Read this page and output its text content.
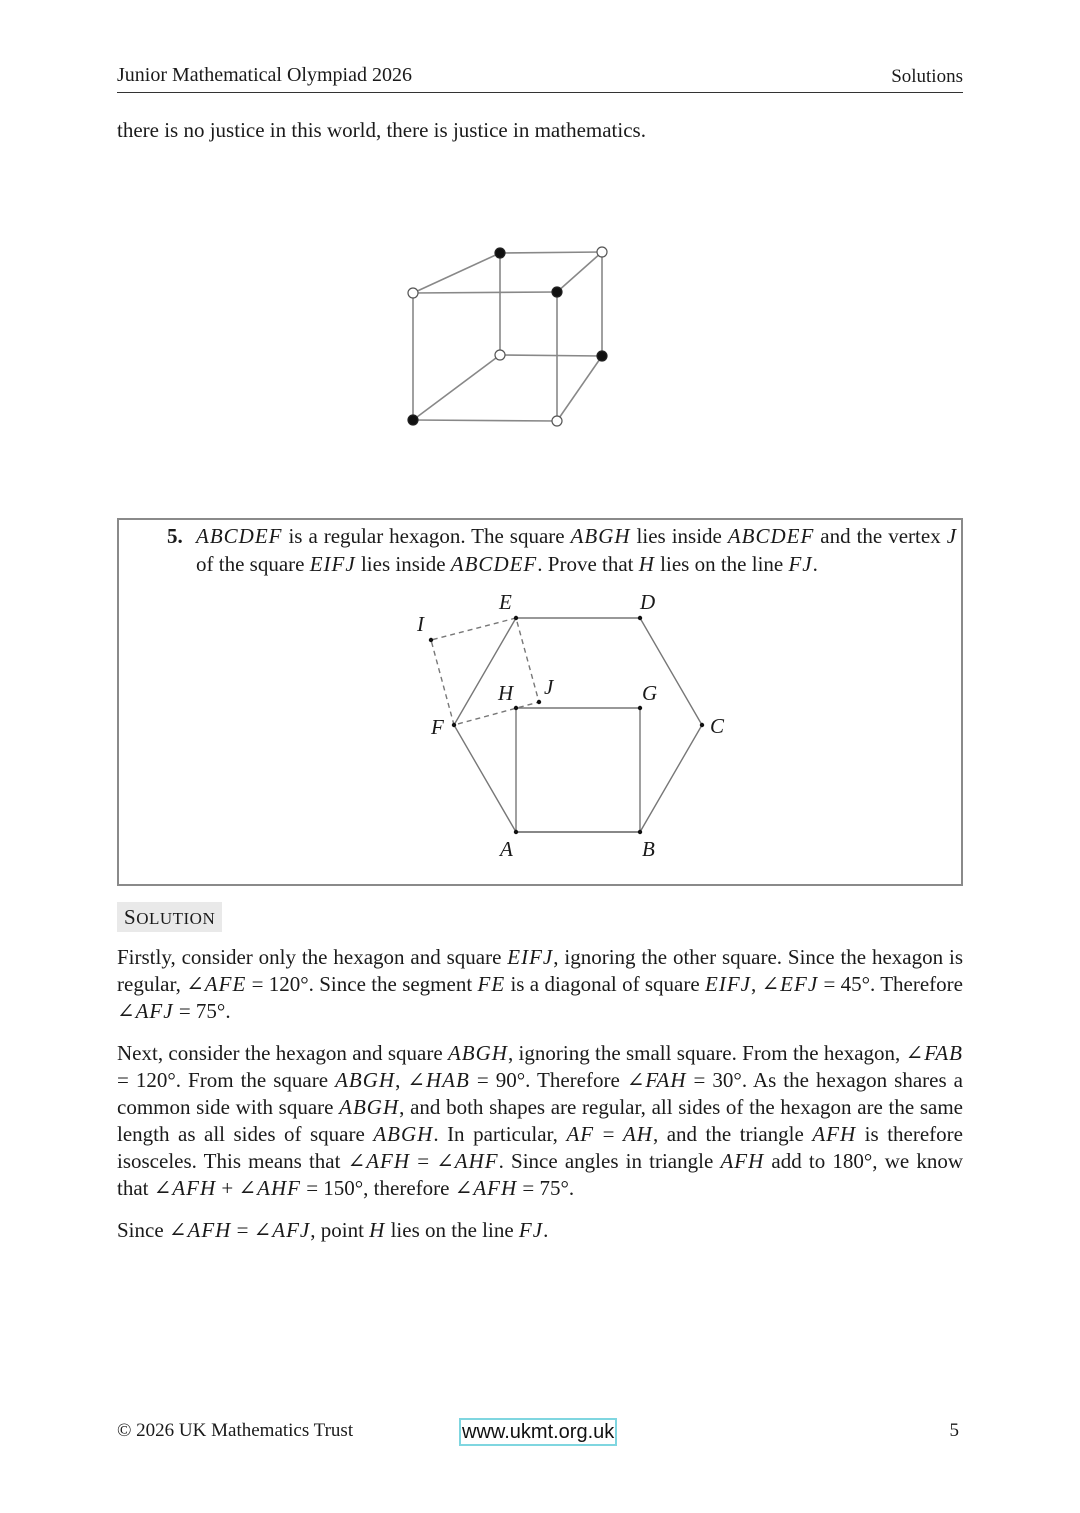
Junior Mathematical Olympiad 2026	Solutions
there is no justice in this world, there is justice in mathematics.
5. ABCDEF is a regular hexagon. The square ABGH lies inside ABCDEF and the vertex J of the square EIFJ lies inside ABCDEF. Prove that H lies on the line FJ.
A	B
C
D
E
F
G
H
I
J
SOLUTION
Firstly, consider only the hexagon and square EIFJ, ignoring the other square. Since the hexagon is regular, ∠AFE = 120°. Since the segment FE is a diagonal of square EIFJ, ∠EFJ = 45°. Therefore ∠AFJ = 75°.
Next, consider the hexagon and square ABGH, ignoring the small square. From the hexagon, ∠FAB = 120°. From the square ABGH, ∠HAB = 90°. Therefore ∠FAH = 30°. As the hexagon shares a common side with square ABGH, and both shapes are regular, all sides of the hexagon are the same length as all sides of square ABGH. In particular, AF = AH, and the triangle AFH is therefore isosceles. This means that ∠AFH = ∠AHF. Since angles in triangle AFH add to 180°, we know that ∠AFH + ∠AHF = 150°, therefore ∠AFH = 75°.
Since ∠AFH = ∠AFJ, point H lies on the line FJ.
© 2026 UK Mathematics Trust	www.ukmt.org.uk	5
